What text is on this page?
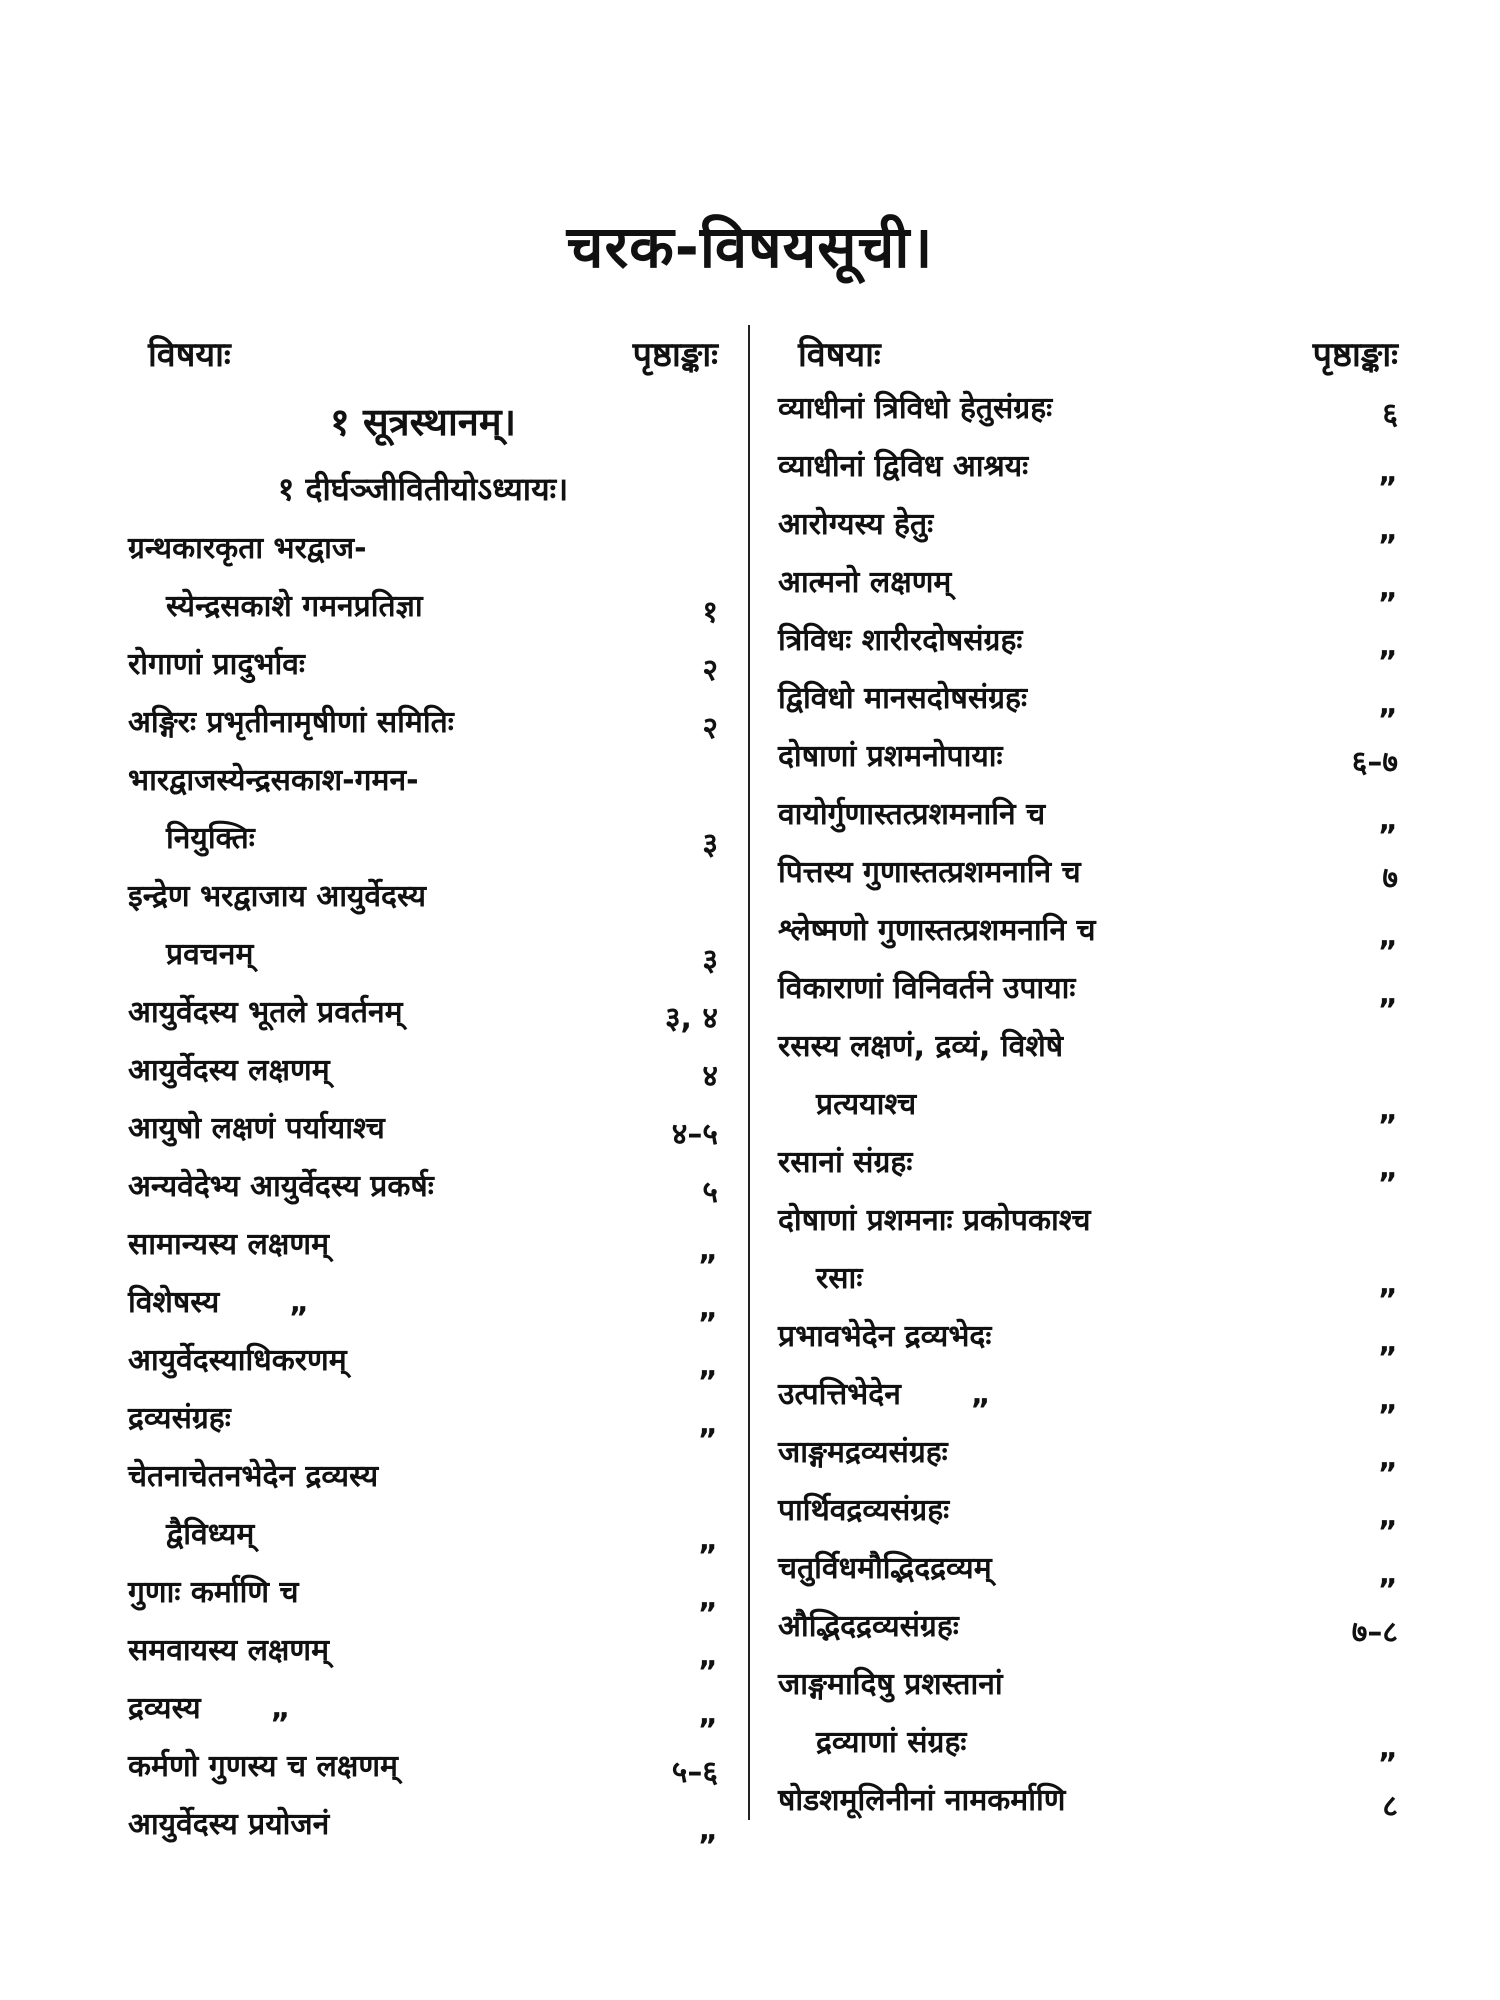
चरक-विषयसूची।
विषयाः	पृष्ठाङ्काः
१ सूत्रस्थानम्।
१ दीर्घञ्जीवितीयोऽध्यायः।
ग्रन्थकारकृता भरद्वाज-
स्येन्द्रसकाशे गमनप्रतिज्ञा	१
रोगाणां प्रादुर्भावः	२
अङ्गिरः प्रभृतीनामृषीणां समितिः	२
भारद्वाजस्येन्द्रसकाश-गमन-
नियुक्तिः	३
इन्द्रेण भरद्वाजाय आयुर्वेदस्य
प्रवचनम्	३
आयुर्वेदस्य भूतले प्रवर्तनम्	३, ४
आयुर्वेदस्य लक्षणम्	४
आयुषो लक्षणं पर्यायाश्च	४–५
अन्यवेदेभ्य आयुर्वेदस्य प्रकर्षः	५
सामान्यस्य लक्षणम्	„
विशेषस्य „	„
आयुर्वेदस्याधिकरणम्	„
द्रव्यसंग्रहः	„
चेतनाचेतनभेदेन द्रव्यस्य
द्वैविध्यम्	„
गुणाः कर्माणि च	„
समवायस्य लक्षणम्	„
द्रव्यस्य „	„
कर्मणो गुणस्य च लक्षणम्	५–६
आयुर्वेदस्य प्रयोजनं	„
विषयाः	पृष्ठाङ्काः
व्याधीनां त्रिविधो हेतुसंग्रहः	६
व्याधीनां द्विविध आश्रयः	„
आरोग्यस्य हेतुः	„
आत्मनो लक्षणम्	„
त्रिविधः शारीरदोषसंग्रहः	„
द्विविधो मानसदोषसंग्रहः	„
दोषाणां प्रशमनोपायाः	६–७
वायोर्गुणास्तत्प्रशमनानि च	„
पित्तस्य गुणास्तत्प्रशमनानि च	७
श्लेष्मणो गुणास्तत्प्रशमनानि च	„
विकाराणां विनिवर्तने उपायाः	„
रसस्य लक्षणं, द्रव्यं, विशेषे
प्रत्ययाश्च	„
रसानां संग्रहः	„
दोषाणां प्रशमनाः प्रकोपकाश्च
रसाः	„
प्रभावभेदेन द्रव्यभेदः	„
उत्पत्तिभेदेन „	„
जाङ्गमद्रव्यसंग्रहः	„
पार्थिवद्रव्यसंग्रहः	„
चतुर्विधमौद्भिदद्रव्यम्	„
औद्भिदद्रव्यसंग्रहः	७–८
जाङ्गमादिषु प्रशस्तानां
द्रव्याणां संग्रहः	„
षोडशमूलिनीनां नामकर्माणि	८
